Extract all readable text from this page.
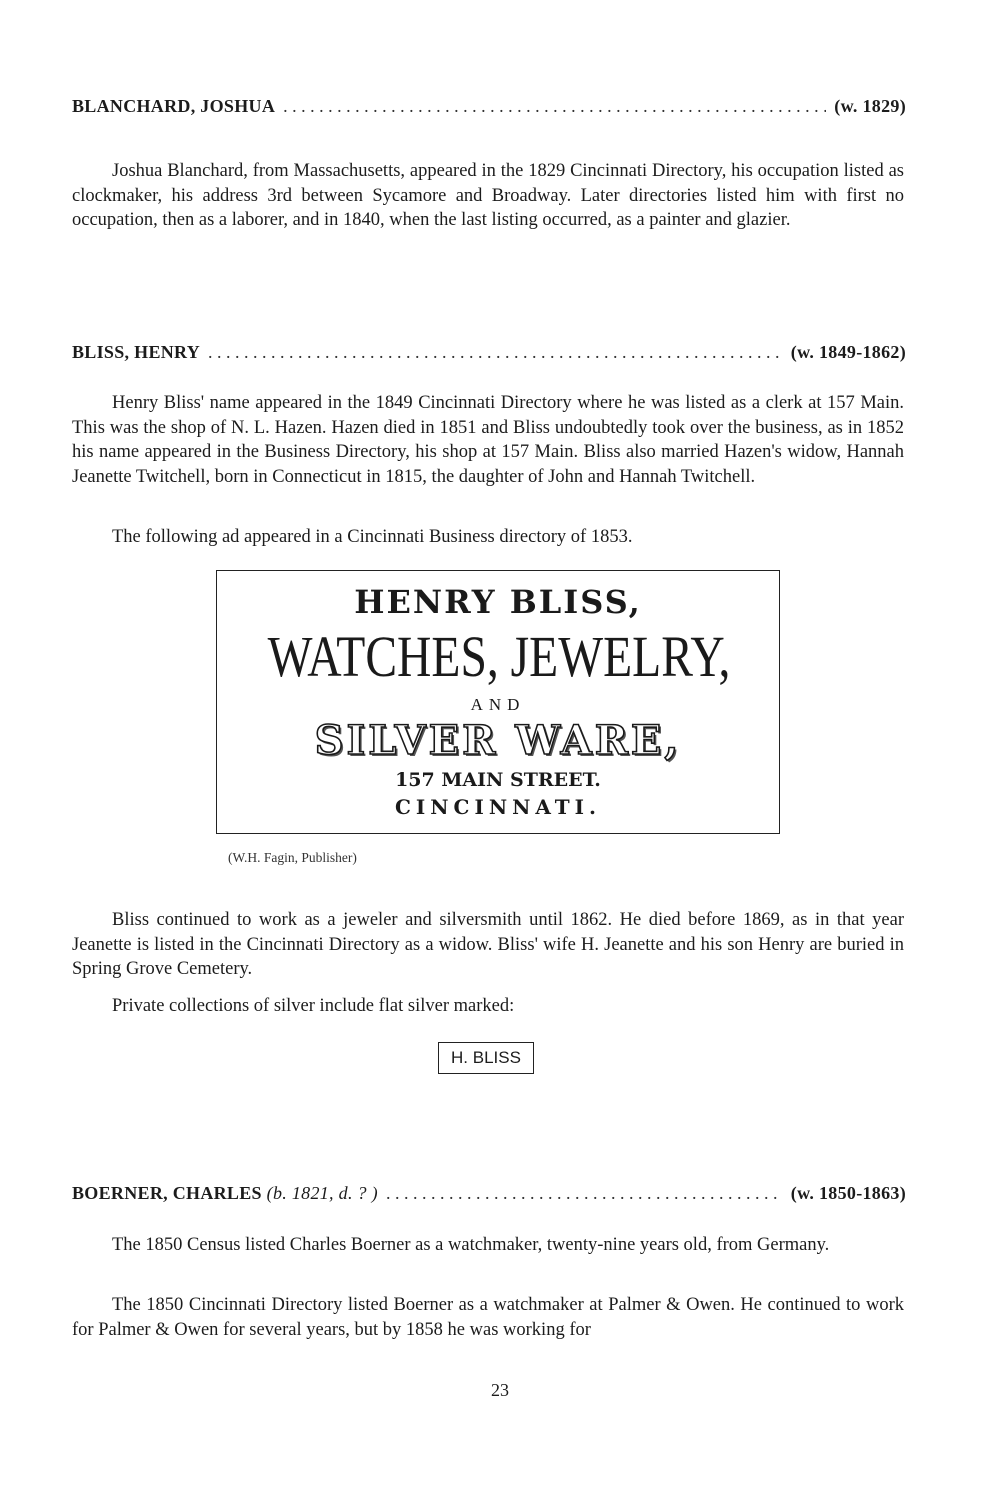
BLANCHARD, JOSHUA . . .	(w. 1829)

Joshua Blanchard, from Massachusetts, appeared in the 1829 Cincinnati Directory, his occupation listed as clockmaker, his address 3rd between Sycamore and Broadway. Later directories listed him with first no occupation, then as a laborer, and in 1840, when the last listing occurred, as a painter and glazier.

BLISS, HENRY . . .	(w. 1849-1862)

Henry Bliss' name appeared in the 1849 Cincinnati Directory where he was listed as a clerk at 157 Main. This was the shop of N. L. Hazen. Hazen died in 1851 and Bliss undoubtedly took over the business, as in 1852 his name appeared in the Business Directory, his shop at 157 Main. Bliss also married Hazen's widow, Hannah Jeanette Twitchell, born in Connecticut in 1815, the daughter of John and Hannah Twitchell.

The following ad appeared in a Cincinnati Business directory of 1853.

HENRY BLISS,
WATCHES, JEWELRY,
AND
SILVER WARE,
157 MAIN STREET.
CINCINNATI.
(W.H. Fagin, Publisher)

Bliss continued to work as a jeweler and silversmith until 1862. He died before 1869, as in that year Jeanette is listed in the Cincinnati Directory as a widow. Bliss' wife H. Jeanette and his son Henry are buried in Spring Grove Cemetery.

Private collections of silver include flat silver marked:

H. BLISS
BOERNER, CHARLES (b. 1821, d. ? ) . . .	(w. 1850-1863)

The 1850 Census listed Charles Boerner as a watchmaker, twenty-nine years old, from Germany.

The 1850 Cincinnati Directory listed Boerner as a watchmaker at Palmer & Owen. He continued to work for Palmer & Owen for several years, but by 1858 he was working for

23
